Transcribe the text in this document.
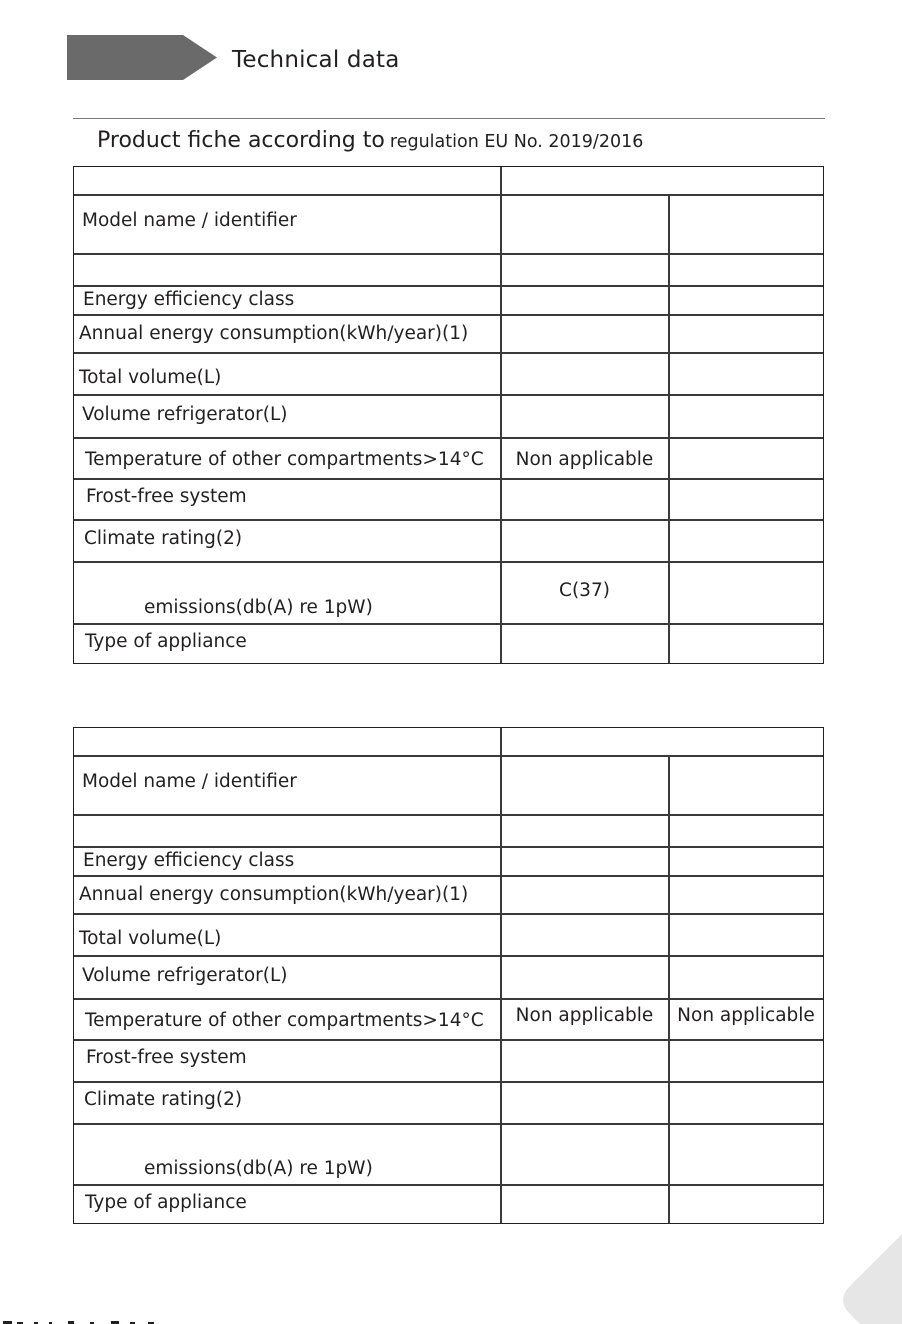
Technical data
Product fiche according to regulation EU No. 2019/2016
Model name / identifier
Energy efficiency class
Annual energy consumption(kWh/year)(1)
Total volume(L)
Volume refrigerator(L)
Temperature of other compartments>14°C
Frost-free system
Climate rating(2)
emissions(db(A) re 1pW)
Type of appliance
Non applicable
C(37)
Model name / identifier
Energy efficiency class
Annual energy consumption(kWh/year)(1)
Total volume(L)
Volume refrigerator(L)
Temperature of other compartments>14°C
Frost-free system
Climate rating(2)
emissions(db(A) re 1pW)
Type of appliance
Non applicable	Non applicable
